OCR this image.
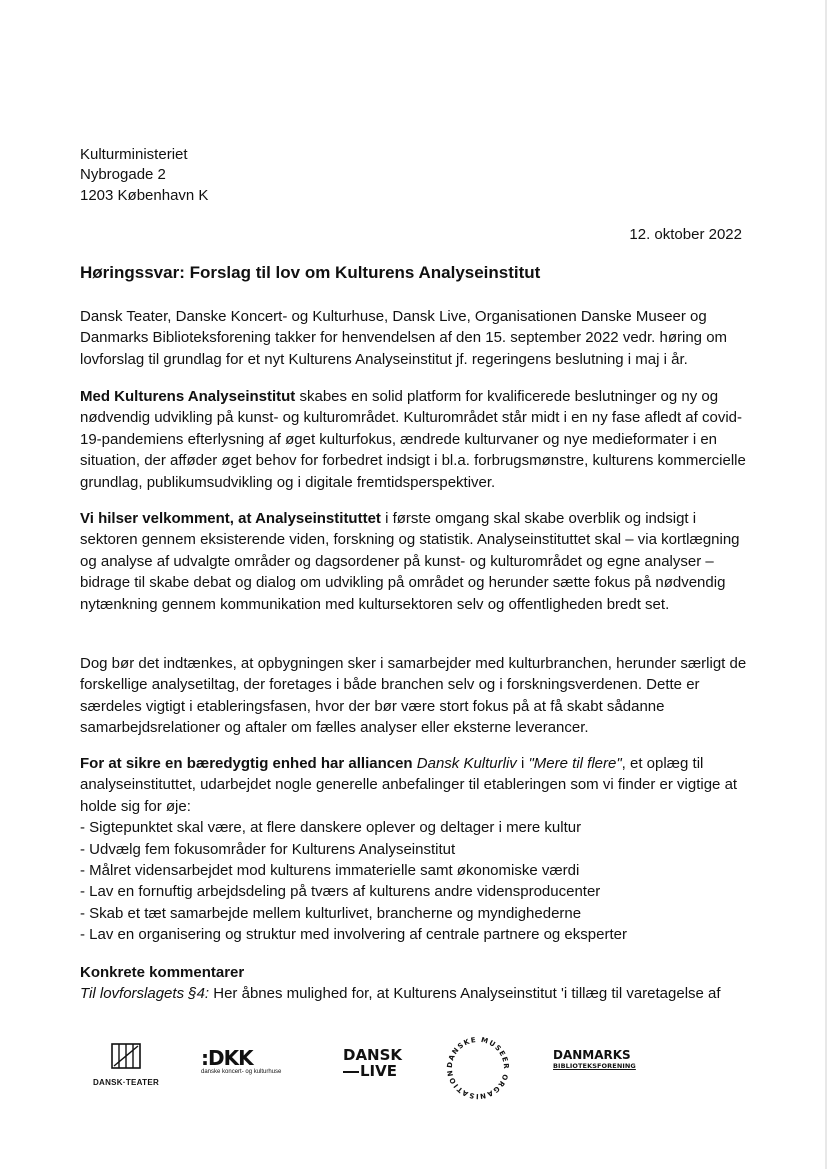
Kulturministeriet
Nybrogade 2
1203 København K
12. oktober 2022
Høringssvar: Forslag til lov om Kulturens Analyseinstitut

Dansk Teater, Danske Koncert- og Kulturhuse, Dansk Live, Organisationen Danske Museer og Danmarks Biblioteksforening takker for henvendelsen af den 15. september 2022 vedr. høring om lovforslag til grundlag for et nyt Kulturens Analyseinstitut jf. regeringens beslutning i maj i år.

Med Kulturens Analyseinstitut skabes en solid platform for kvalificerede beslutninger og ny og nødvendig udvikling på kunst- og kulturområdet. Kulturområdet står midt i en ny fase afledt af covid-19-pandemiens efterlysning af øget kulturfokus, ændrede kulturvaner og nye medieformater i en situation, der afføder øget behov for forbedret indsigt i bl.a. forbrugsmønstre, kulturens kommercielle grundlag, publikumsudvikling og i digitale fremtidsperspektiver.

Vi hilser velkomment, at Analyseinstituttet i første omgang skal skabe overblik og indsigt i sektoren gennem eksisterende viden, forskning og statistik. Analyseinstituttet skal – via kortlægning og analyse af udvalgte områder og dagsordener på kunst- og kulturområdet og egne analyser – bidrage til skabe debat og dialog om udvikling på området og herunder sætte fokus på nødvendig nytænkning gennem kommunikation med kultursektoren selv og offentligheden bredt set.

Dog bør det indtænkes, at opbygningen sker i samarbejder med kulturbranchen, herunder særligt de forskellige analysetiltag, der foretages i både branchen selv og i forskningsverdenen. Dette er særdeles vigtigt i etableringsfasen, hvor der bør være stort fokus på at få skabt sådanne samarbejdsrelationer og aftaler om fælles analyser eller eksterne leverancer.

For at sikre en bæredygtig enhed har alliancen Dansk Kulturliv i "Mere til flere", et oplæg til analyseinstituttet, udarbejdet nogle generelle anbefalinger til etableringen som vi finder er vigtige at holde sig for øje:
- Sigtepunktet skal være, at flere danskere oplever og deltager i mere kultur
- Udvælg fem fokusområder for Kulturens Analyseinstitut
- Målret vidensarbejdet mod kulturens immaterielle samt økonomiske værdi
- Lav en fornuftig arbejdsdeling på tværs af kulturens andre vidensproducenter
- Skab et tæt samarbejde mellem kulturlivet, brancherne og myndighederne
- Lav en organisering og struktur med involvering af centrale partnere og eksperter
Konkrete kommentarer
Til lovforslagets §4: Her åbnes mulighed for, at Kulturens Analyseinstitut 'i tillæg til varetagelse af
DANSK·TEATER
:DKK
danske koncert- og kulturhuse
DANSK
LIVE	DANSKE MUSEER ORGANISATION
DANMARKS
BIBLIOTEKSFORENING
